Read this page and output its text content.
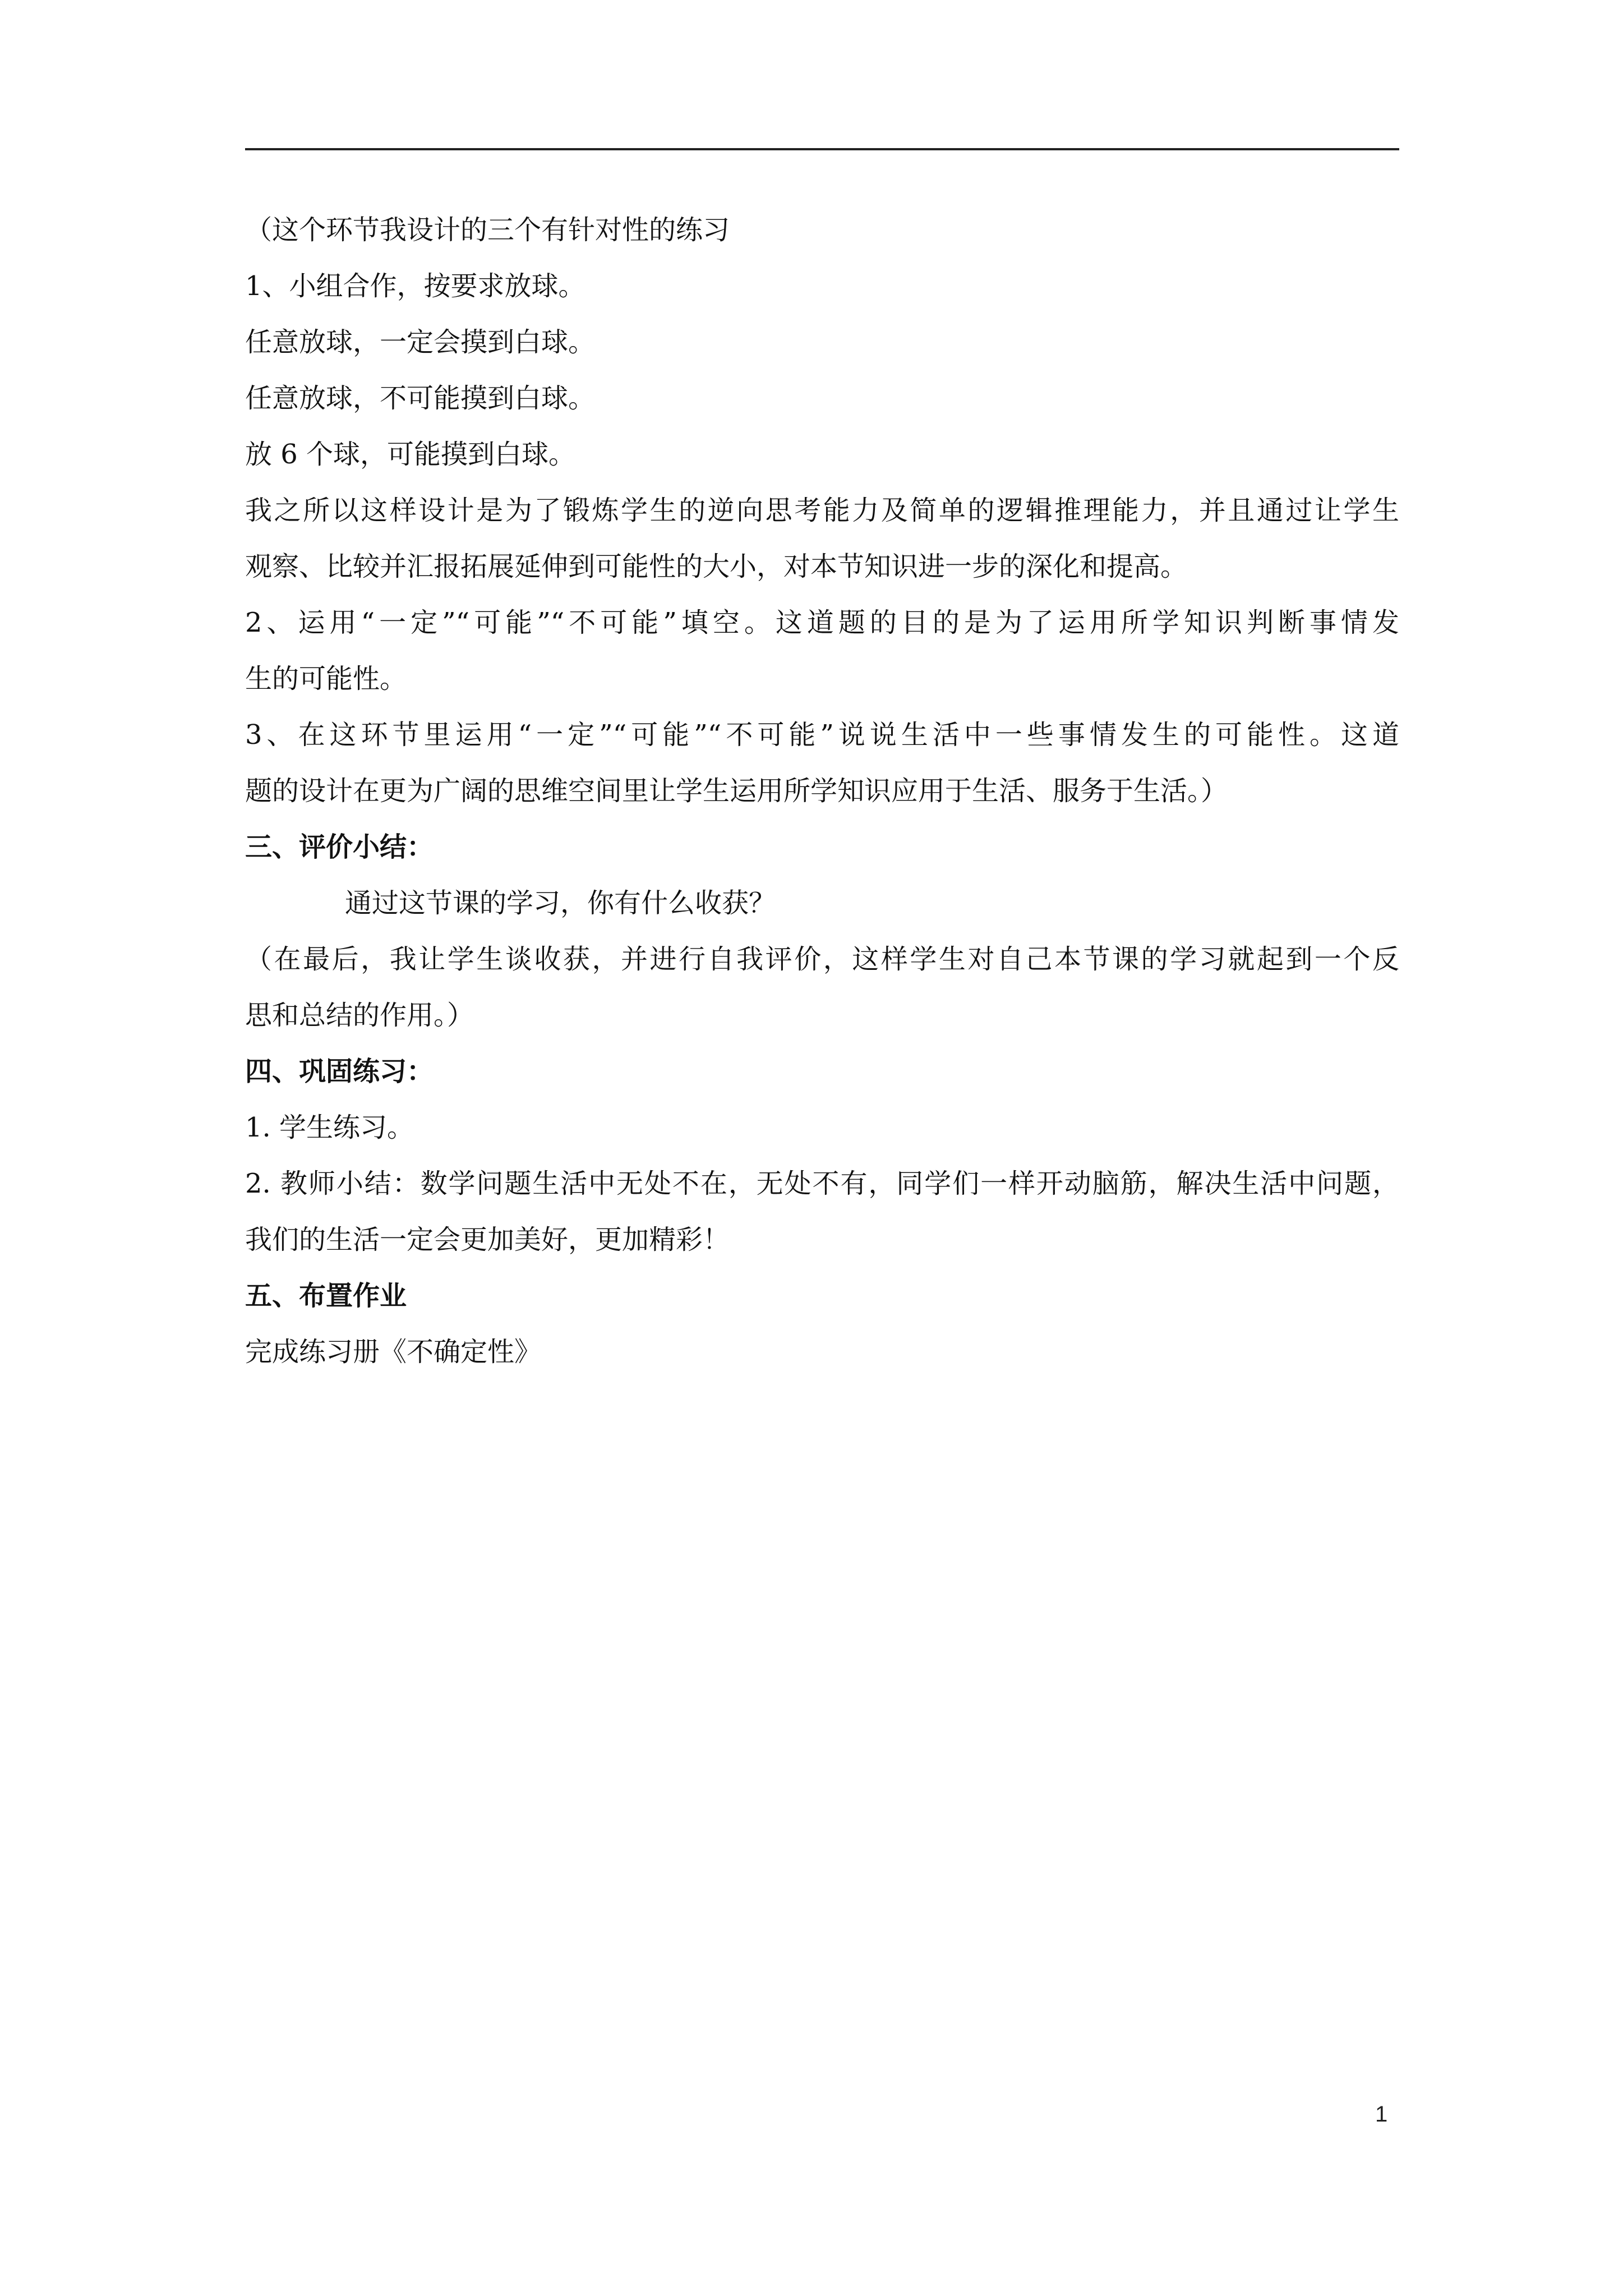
（这个环节我设计的三个有针对性的练习
1、小组合作，按要求放球。
任意放球，一定会摸到白球。
任意放球，不可能摸到白球。
放 6 个球，可能摸到白球。
我之所以这样设计是为了锻炼学生的逆向思考能力及简单的逻辑推理能力，并且通过让学生
观察、比较并汇报拓展延伸到可能性的大小，对本节知识进一步的深化和提高。
2、运用“一定”“可能”“不可能”填空。这道题的目的是为了运用所学知识判断事情发
生的可能性。
3、在这环节里运用“一定”“可能”“不可能”说说生活中一些事情发生的可能性。这道
题的设计在更为广阔的思维空间里让学生运用所学知识应用于生活、服务于生活。）
三、评价小结：
通过这节课的学习，你有什么收获？
（在最后，我让学生谈收获，并进行自我评价，这样学生对自己本节课的学习就起到一个反
思和总结的作用。）
四、巩固练习：
1. 学生练习。
2. 教师小结：数学问题生活中无处不在，无处不有，同学们一样开动脑筋，解决生活中问题，
我们的生活一定会更加美好，更加精彩！
五、布置作业
完成练习册《不确定性》
1
